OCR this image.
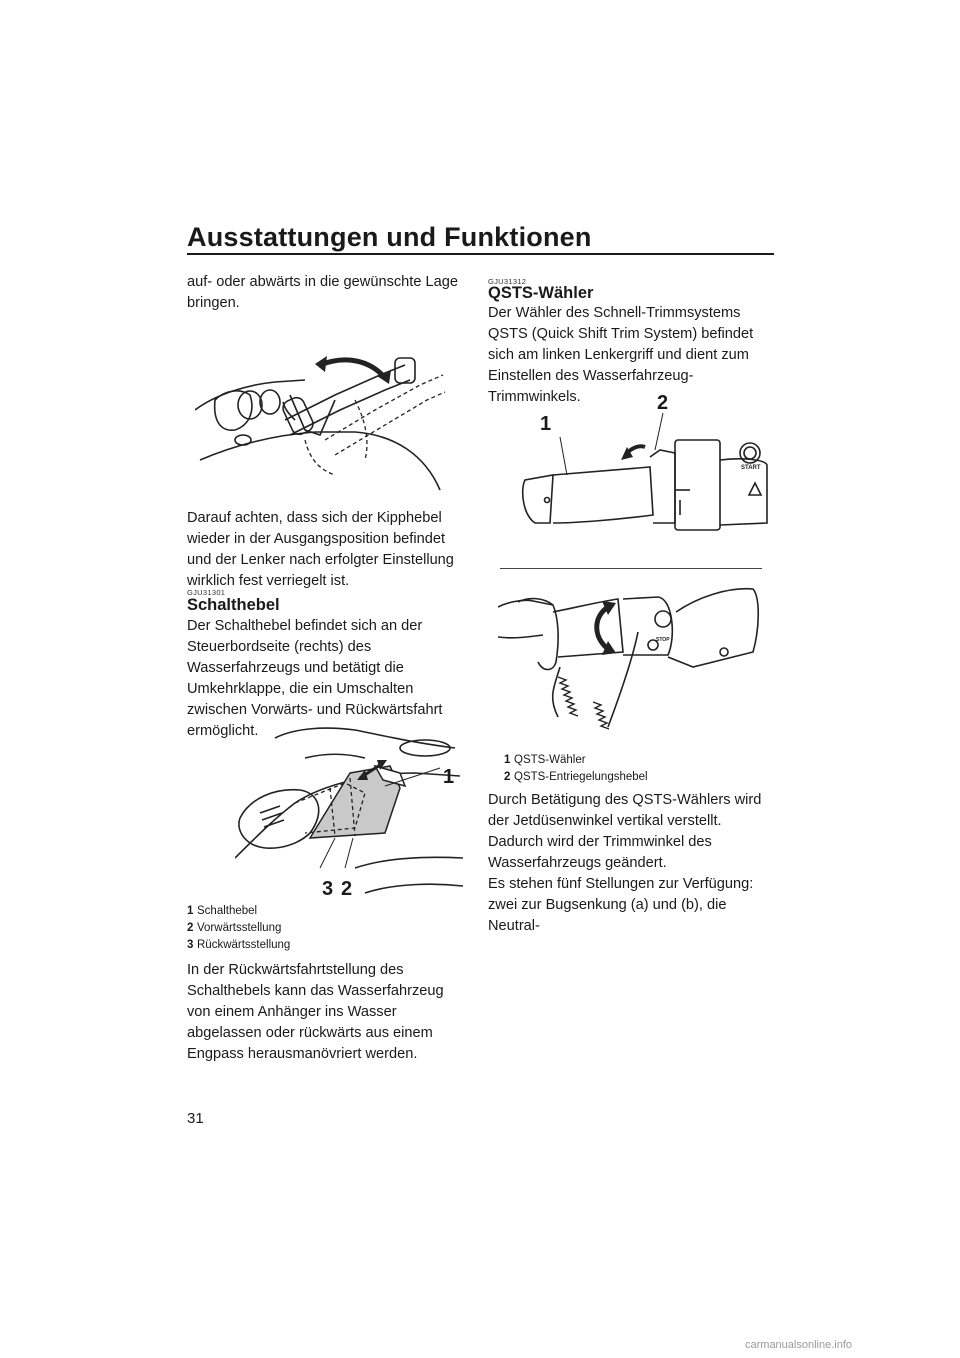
Ausstattungen und Funktionen
auf- oder abwärts in die gewünschte Lage bringen.
Darauf achten, dass sich der Kipphebel wieder in der Ausgangsposition befindet und der Lenker nach erfolgter Einstellung wirklich fest verriegelt ist.
GJU31301
Schalthebel
Der Schalthebel befindet sich an der Steuerbordseite (rechts) des Wasserfahrzeugs und betätigt die Umkehrklappe, die ein Umschalten zwischen Vorwärts- und Rückwärtsfahrt ermöglicht.
1
3 2
1 Schalthebel
2 Vorwärtsstellung
3 Rückwärtsstellung
In der Rückwärtsfahrtstellung des Schalthebels kann das Wasserfahrzeug von einem Anhänger ins Wasser abgelassen oder rückwärts aus einem Engpass herausmanövriert werden.
GJU31312
QSTS-Wähler
Der Wähler des Schnell-Trimmsystems QSTS (Quick Shift Trim System) befindet sich am linken Lenkergriff und dient zum Einstellen des Wasserfahrzeug-Trimmwinkels.
START
1
2
STOP
1 QSTS-Wähler
2 QSTS-Entriegelungshebel
Durch Betätigung des QSTS-Wählers wird der Jetdüsenwinkel vertikal verstellt. Dadurch wird der Trimmwinkel des Wasserfahrzeugs geändert.
Es stehen fünf Stellungen zur Verfügung: zwei zur Bugsenkung (a) und (b), die Neutral-
31
carmanualsonline.info
